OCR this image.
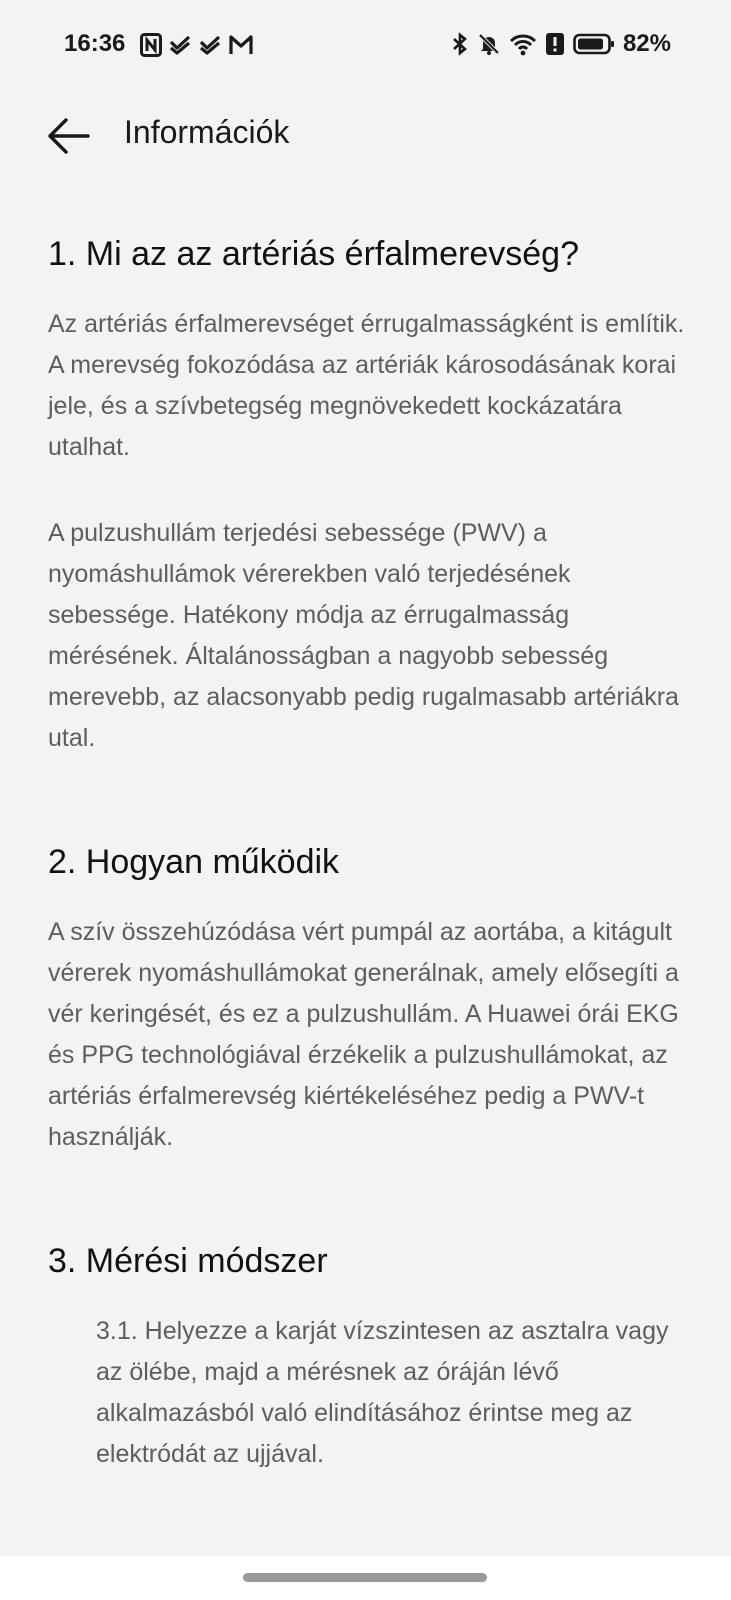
16:36	82%
Információk
1. Mi az az artériás érfalmerevség?

Az artériás érfalmerevséget érrugalmasságként is említik. A merevség fokozódása az artériák károsodásának korai jele, és a szívbetegség megnövekedett kockázatára utalhat.

A pulzushullám terjedési sebessége (PWV) a nyomáshullámok vérerekben való terjedésének sebessége. Hatékony módja az érrugalmasság mérésének. Általánosságban a nagyobb sebesség merevebb, az alacsonyabb pedig rugalmasabb artériákra utal.

2. Hogyan működik

A szív összehúzódása vért pumpál az aortába, a kitágult vérerek nyomáshullámokat generálnak, amely elősegíti a vér keringését, és ez a pulzushullám. A Huawei órái EKG és PPG technológiával érzékelik a pulzushullámokat, az artériás érfalmerevség kiértékeléséhez pedig a PWV-t használják.

3. Mérési módszer

3.1. Helyezze a karját vízszintesen az asztalra vagy az ölébe, majd a mérésnek az óráján lévő alkalmazásból való elindításához érintse meg az elektródát az ujjával.
